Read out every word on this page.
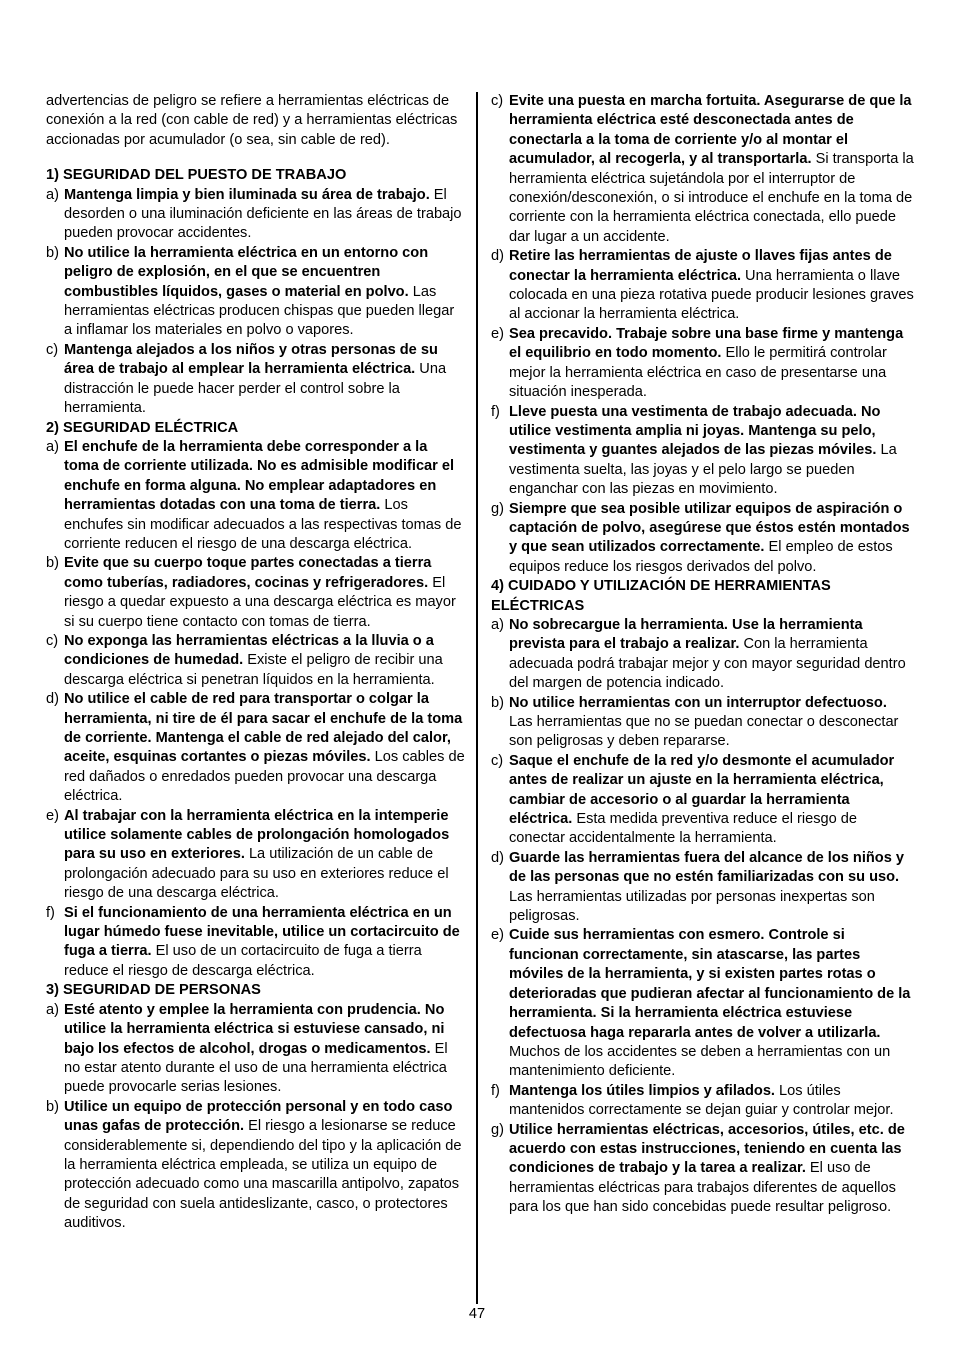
advertencias de peligro se refiere a herramientas eléctricas de conexión a la red (con cable de red) y a herramientas eléctricas accionadas por acumulador (o sea, sin cable de red).

1) SEGURIDAD DEL PUESTO DE TRABAJO

a) Mantenga limpia y bien iluminada su área de trabajo. El desorden o una iluminación deficiente en las áreas de trabajo pueden provocar accidentes.

b) No utilice la herramienta eléctrica en un entorno con peligro de explosión, en el que se encuentren combustibles líquidos, gases o material en polvo. Las herramientas eléctricas producen chispas que pueden llegar a inflamar los materiales en polvo o vapores.

c) Mantenga alejados a los niños y otras personas de su área de trabajo al emplear la herramienta eléctrica. Una distracción le puede hacer perder el control sobre la herramienta.

2) SEGURIDAD ELÉCTRICA

a) El enchufe de la herramienta debe corresponder a la toma de corriente utilizada. No es admisible modificar el enchufe en forma alguna. No emplear adaptadores en herramientas dotadas con una toma de tierra. Los enchufes sin modificar adecuados a las respectivas tomas de corriente reducen el riesgo de una descarga eléctrica.

b) Evite que su cuerpo toque partes conectadas a tierra como tuberías, radiadores, cocinas y refrigeradores. El riesgo a quedar expuesto a una descarga eléctrica es mayor si su cuerpo tiene contacto con tomas de tierra.

c) No exponga las herramientas eléctricas a la lluvia o a condiciones de humedad. Existe el peligro de recibir una descarga eléctrica si penetran líquidos en la herramienta.

d) No utilice el cable de red para transportar o colgar la herramienta, ni tire de él para sacar el enchufe de la toma de corriente. Mantenga el cable de red alejado del calor, aceite, esquinas cortantes o piezas móviles. Los cables de red dañados o enredados pueden provocar una descarga eléctrica.

e) Al trabajar con la herramienta eléctrica en la intemperie utilice solamente cables de prolongación homologados para su uso en exteriores. La utilización de un cable de prolongación adecuado para su uso en exteriores reduce el riesgo de una descarga eléctrica.

f) Si el funcionamiento de una herramienta eléctrica en un lugar húmedo fuese inevitable, utilice un cortacircuito de fuga a tierra. El uso de un cortacircuito de fuga a tierra reduce el riesgo de descarga eléctrica.

3) SEGURIDAD DE PERSONAS

a) Esté atento y emplee la herramienta con prudencia. No utilice la herramienta eléctrica si estuviese cansado, ni bajo los efectos de alcohol, drogas o medicamentos. El no estar atento durante el uso de una herramienta eléctrica puede provocarle serias lesiones.

b) Utilice un equipo de protección personal y en todo caso unas gafas de protección. El riesgo a lesionarse se reduce considerablemente si, dependiendo del tipo y la aplicación de la herramienta eléctrica empleada, se utiliza un equipo de protección adecuado como una mascarilla antipolvo, zapatos de seguridad con suela antideslizante, casco, o protectores auditivos.

c) Evite una puesta en marcha fortuita. Asegurarse de que la herramienta eléctrica esté desconectada antes de conectarla a la toma de corriente y/o al montar el acumulador, al recogerla, y al transportarla. Si transporta la herramienta eléctrica sujetándola por el interruptor de conexión/desconexión, o si introduce el enchufe en la toma de corriente con la herramienta eléctrica conectada, ello puede dar lugar a un accidente.

d) Retire las herramientas de ajuste o llaves fijas antes de conectar la herramienta eléctrica. Una herramienta o llave colocada en una pieza rotativa puede producir lesiones graves al accionar la herramienta eléctrica.

e) Sea precavido. Trabaje sobre una base firme y mantenga el equilibrio en todo momento. Ello le permitirá controlar mejor la herramienta eléctrica en caso de presentarse una situación inesperada.

f) Lleve puesta una vestimenta de trabajo adecuada. No utilice vestimenta amplia ni joyas. Mantenga su pelo, vestimenta y guantes alejados de las piezas móviles. La vestimenta suelta, las joyas y el pelo largo se pueden enganchar con las piezas en movimiento.

g) Siempre que sea posible utilizar equipos de aspiración o captación de polvo, asegúrese que éstos estén montados y que sean utilizados correctamente. El empleo de estos equipos reduce los riesgos derivados del polvo.

4) CUIDADO Y UTILIZACIÓN DE HERRAMIENTAS ELÉCTRICAS

a) No sobrecargue la herramienta. Use la herramienta prevista para el trabajo a realizar. Con la herramienta adecuada podrá trabajar mejor y con mayor seguridad dentro del margen de potencia indicado.

b) No utilice herramientas con un interruptor defectuoso. Las herramientas que no se puedan conectar o desconectar son peligrosas y deben repararse.

c) Saque el enchufe de la red y/o desmonte el acumulador antes de realizar un ajuste en la herramienta eléctrica, cambiar de accesorio o al guardar la herramienta eléctrica. Esta medida preventiva reduce el riesgo de conectar accidentalmente la herramienta.

d) Guarde las herramientas fuera del alcance de los niños y de las personas que no estén familiarizadas con su uso. Las herramientas utilizadas por personas inexpertas son peligrosas.

e) Cuide sus herramientas con esmero. Controle si funcionan correctamente, sin atascarse, las partes móviles de la herramienta, y si existen partes rotas o deterioradas que pudieran afectar al funcionamiento de la herramienta. Si la herramienta eléctrica estuviese defectuosa haga repararla antes de volver a utilizarla. Muchos de los accidentes se deben a herramientas con un mantenimiento deficiente.

f) Mantenga los útiles limpios y afilados. Los útiles mantenidos correctamente se dejan guiar y controlar mejor.

g) Utilice herramientas eléctricas, accesorios, útiles, etc. de acuerdo con estas instrucciones, teniendo en cuenta las condiciones de trabajo y la tarea a realizar. El uso de herramientas eléctricas para trabajos diferentes de aquellos para los que han sido concebidas puede resultar peligroso.

47
